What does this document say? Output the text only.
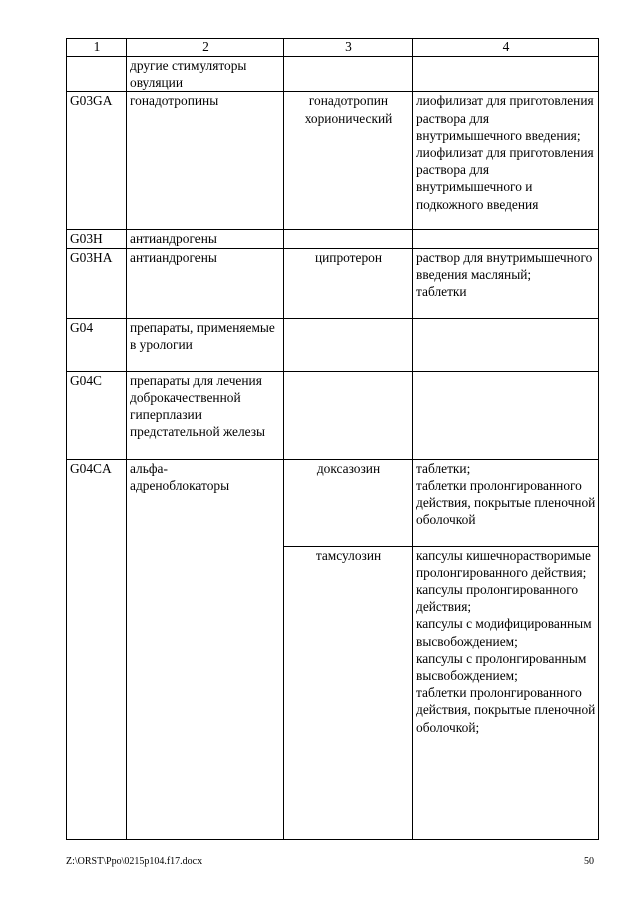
1	2	3	4
	другие стимуляторы овуляции		
G03GA	гонадотропины	гонадотропин хорионический	лиофилизат для приготовления раствора для внутримышечного введения;
лиофилизат для приготовления раствора для внутримышечного и подкожного введения
G03H	антиандрогены		
G03HA	антиандрогены	ципротерон	раствор для внутримышечного введения масляный;
таблетки
G04	препараты, применяемые в урологии		
G04C	препараты для лечения доброкачественной гиперплазии предстательной железы		
G04CA	альфа-
адреноблокаторы	доксазозин	таблетки;
таблетки пролонгированного действия, покрытые пленочной оболочкой
		тамсулозин	капсулы кишечнорастворимые пролонгированного действия;
капсулы пролонгированного действия;
капсулы с модифицированным высвобождением;
капсулы с пролонгированным высвобождением;
таблетки пролонгированного действия, покрытые пленочной оболочкой;
Z:\ORST\Ppo\0215p104.f17.docx	50
